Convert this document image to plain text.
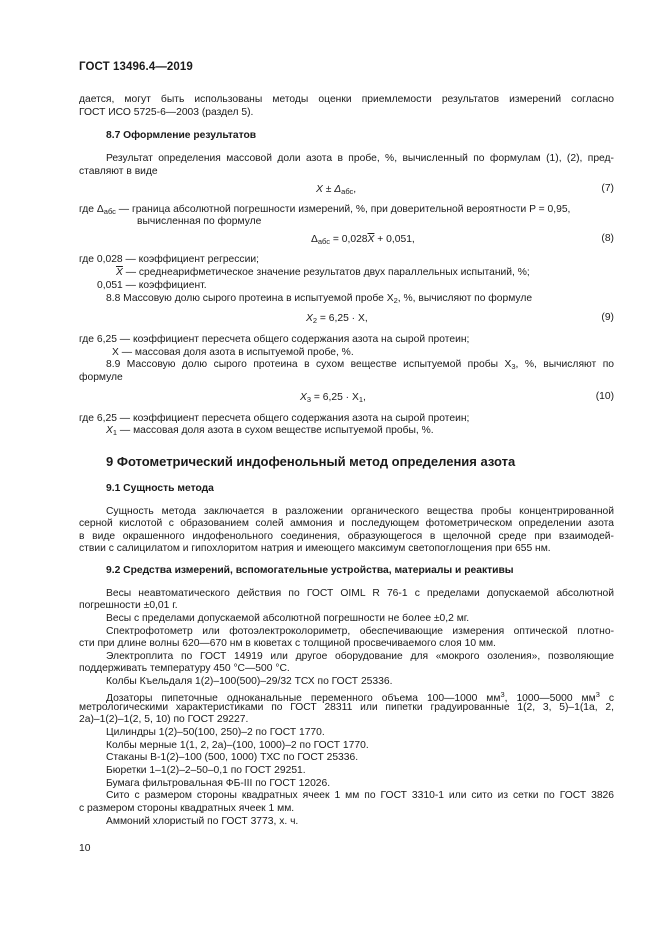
ГОСТ 13496.4—2019
дается, могут быть использованы методы оценки приемлемости результатов измерений согласно
ГОСТ ИСО 5725-6—2003 (раздел 5).
8.7 Оформление результатов
Результат определения массовой доли азота в пробе, %, вычисленный по формулам (1), (2), пред-
ставляют в виде
$X \pm \Delta_{абс}$,	(7)
где $\Delta_{абс}$ — граница абсолютной погрешности измерений, %, при доверительной вероятности P = 0,95,
вычисленная по формуле
$\Delta_{абс} = 0,028\overline{X} + 0,051$,	(8)
где 0,028 — коэффициент регрессии;
$\overline{X}$ — среднеарифметическое значение результатов двух параллельных испытаний, %;
0,051 — коэффициент.
8.8 Массовую долю сырого протеина в испытуемой пробе $X_2$, %, вычисляют по формуле
$X_2 = 6,25 \cdot X$,	(9)
где 6,25 — коэффициент пересчета общего содержания азота на сырой протеин;
X — массовая доля азота в испытуемой пробе, %.
8.9 Массовую долю сырого протеина в сухом веществе испытуемой пробы $X_3$, %, вычисляют по
формуле
$X_3 = 6,25 \cdot X_1$,	(10)
где 6,25 — коэффициент пересчета общего содержания азота на сырой протеин;
$X_1$ — массовая доля азота в сухом веществе испытуемой пробы, %.
9 Фотометрический индофенольный метод определения азота
9.1 Сущность метода
Сущность метода заключается в разложении органического вещества пробы концентрированной
серной кислотой с образованием солей аммония и последующем фотометрическом определении азота
в виде окрашенного индофенольного соединения, образующегося в щелочной среде при взаимодей-
ствии с салицилатом и гипохлоритом натрия и имеющего максимум светопоглощения при 655 нм.
9.2 Средства измерений, вспомогательные устройства, материалы и реактивы
Весы неавтоматического действия по ГОСТ OIML R 76-1 с пределами допускаемой абсолютной
погрешности ±0,01 г.
Весы с пределами допускаемой абсолютной погрешности не более ±0,2 мг.
Спектрофотометр или фотоэлектроколориметр, обеспечивающие измерения оптической плотно-
сти при длине волны 620—670 нм в кюветах с толщиной просвечиваемого слоя 10 мм.
Электроплита по ГОСТ 14919 или другое оборудование для «мокрого озоления», позволяющие
поддерживать температуру 450 °С—500 °С.
Колбы Къельдаля 1(2)–100(500)–29/32 ТСХ по ГОСТ 25336.
Дозаторы пипеточные одноканальные переменного объема 100—1000 $мм^3$, 1000—5000 $мм^3$ с
метрологическими характеристиками по ГОСТ 28311 или пипетки градуированные 1(2, 3, 5)–1(1а, 2,
2а)–1(2)–1(2, 5, 10) по ГОСТ 29227.
Цилиндры 1(2)–50(100, 250)–2 по ГОСТ 1770.
Колбы мерные 1(1, 2, 2а)–(100, 1000)–2 по ГОСТ 1770.
Стаканы В-1(2)–100 (500, 1000) ТХС по ГОСТ 25336.
Бюретки 1–1(2)–2–50–0,1 по ГОСТ 29251.
Бумага фильтровальная ФБ-III по ГОСТ 12026.
Сито с размером стороны квадратных ячеек 1 мм по ГОСТ 3310-1 или сито из сетки по ГОСТ 3826
с размером стороны квадратных ячеек 1 мм.
Аммоний хлористый по ГОСТ 3773, х. ч.
10
